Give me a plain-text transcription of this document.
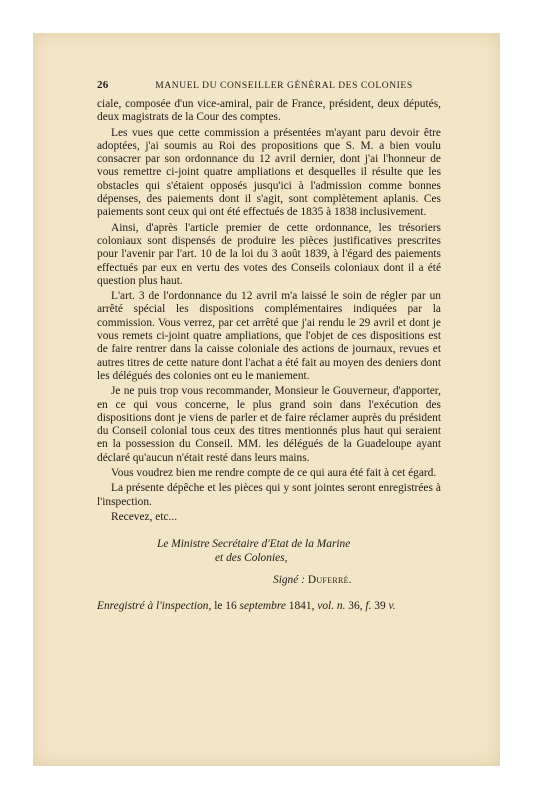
26	MANUEL DU CONSEILLER GÉNÉRAL DES COLONIES

ciale, composée d'un vice-amiral, pair de France, président, deux députés, deux magistrats de la Cour des comptes.

Les vues que cette commission a présentées m'ayant paru devoir être adoptées, j'ai soumis au Roi des propositions que S. M. a bien voulu consacrer par son ordonnance du 12 avril dernier, dont j'ai l'honneur de vous remettre ci-joint quatre ampliations et desquelles il résulte que les obstacles qui s'étaient opposés jusqu'ici à l'admission comme bonnes dépenses, des paiements dont il s'agit, sont complètement aplanis. Ces paiements sont ceux qui ont été effectués de 1835 à 1838 inclusivement.

Ainsi, d'après l'article premier de cette ordonnance, les trésoriers coloniaux sont dispensés de produire les pièces justificatives prescrites pour l'avenir par l'art. 10 de la loi du 3 août 1839, à l'égard des paiements effectués par eux en vertu des votes des Conseils coloniaux dont il a été question plus haut.

L'art. 3 de l'ordonnance du 12 avril m'a laissé le soin de régler par un arrêté spécial les dispositions complémentaires indiquées par la commission. Vous verrez, par cet arrêté que j'ai rendu le 29 avril et dont je vous remets ci-joint quatre ampliations, que l'objet de ces dispositions est de faire rentrer dans la caisse coloniale des actions de journaux, revues et autres titres de cette nature dont l'achat a été fait au moyen des deniers dont les délégués des colonies ont eu le maniement.

Je ne puis trop vous recommander, Monsieur le Gouverneur, d'apporter, en ce qui vous concerne, le plus grand soin dans l'exécution des dispositions dont je viens de parler et de faire réclamer auprès du président du Conseil colonial tous ceux des titres mentionnés plus haut qui seraient en la possession du Conseil. MM. les délégués de la Guadeloupe ayant déclaré qu'aucun n'était resté dans leurs mains.

Vous voudrez bien me rendre compte de ce qui aura été fait à cet égard.

La présente dépêche et les pièces qui y sont jointes seront enregistrées à l'inspection.

Recevez, etc...

Le Ministre Secrétaire d'Etat de la Marine
et des Colonies,
Signé : Duferré.
Enregistré à l'inspection, le 16 septembre 1841, vol. n. 36, f. 39 v.
